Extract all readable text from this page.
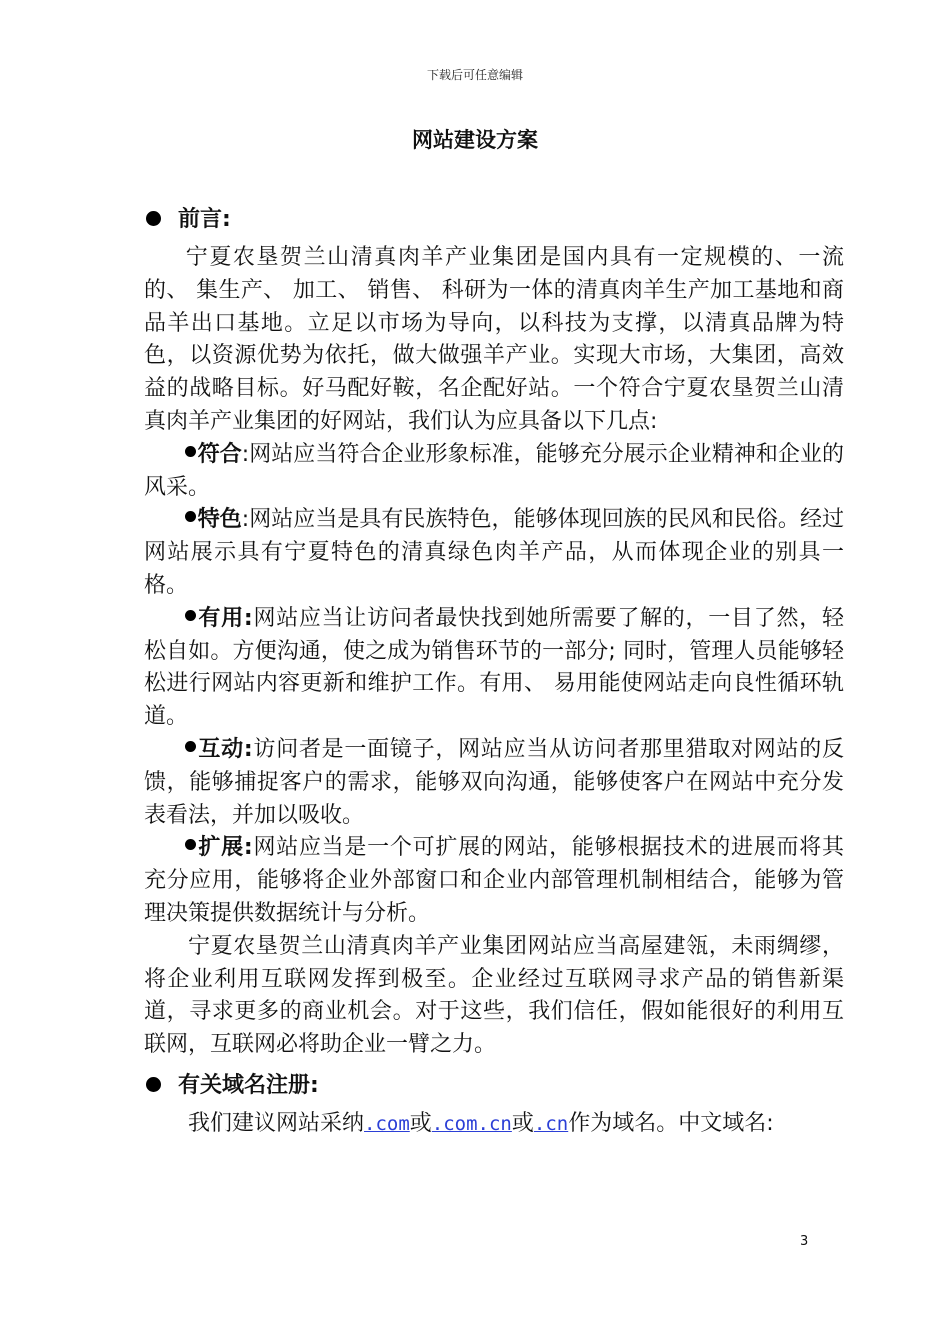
下载后可任意编辑
网站建设方案
前言:

宁夏农垦贺兰山清真肉羊产业集团是国内具有一定规模的、一流的、 集生产、 加工、 销售、 科研为一体的清真肉羊生产加工基地和商品羊出口基地。立足以市场为导向，以科技为支撑，以清真品牌为特色，以资源优势为依托，做大做强羊产业。实现大市场，大集团，高效益的战略目标。好马配好鞍，名企配好站。一个符合宁夏农垦贺兰山清真肉羊产业集团的好网站，我们认为应具备以下几点:

符合:网站应当符合企业形象标准，能够充分展示企业精神和企业的风采。

特色:网站应当是具有民族特色，能够体现回族的民风和民俗。经过网站展示具有宁夏特色的清真绿色肉羊产品，从而体现企业的别具一格。

有用:网站应当让访问者最快找到她所需要了解的，一目了然，轻松自如。方便沟通，使之成为销售环节的一部分; 同时，管理人员能够轻松进行网站内容更新和维护工作。有用、 易用能使网站走向良性循环轨道。

互动:访问者是一面镜子，网站应当从访问者那里猎取对网站的反馈，能够捕捉客户的需求，能够双向沟通，能够使客户在网站中充分发表看法，并加以吸收。

扩展:网站应当是一个可扩展的网站，能够根据技术的进展而将其充分应用，能够将企业外部窗口和企业内部管理机制相结合，能够为管理决策提供数据统计与分析。

宁夏农垦贺兰山清真肉羊产业集团网站应当高屋建瓴，未雨绸缪，将企业利用互联网发挥到极至。企业经过互联网寻求产品的销售新渠道，寻求更多的商业机会。对于这些，我们信任，假如能很好的利用互联网，互联网必将助企业一臂之力。

有关域名注册:

我们建议网站采纳.com或.com.cn或.cn作为域名。中文域名:

3
